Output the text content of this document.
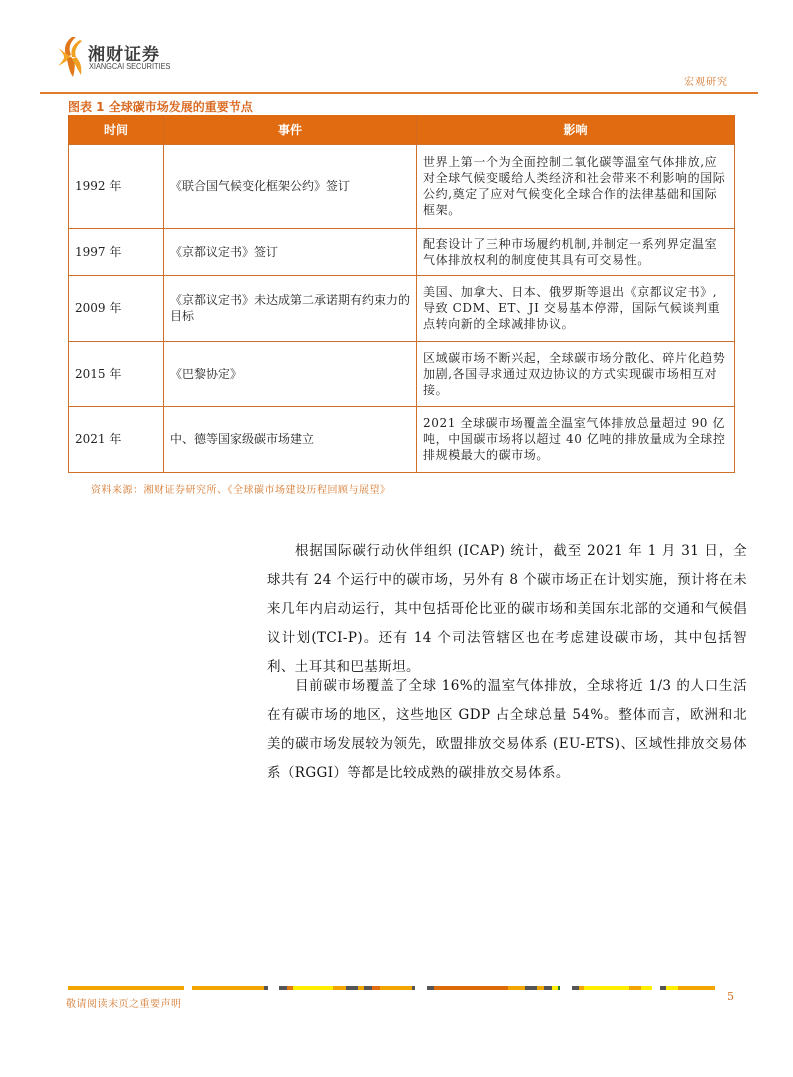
湘财证券
XIANGCAI SECURITIES
宏观研究
图表 1 全球碳市场发展的重要节点
时间	事件	影响
1992 年	《联合国气候变化框架公约》签订	世界上第一个为全面控制二氧化碳等温室气体排放,应对全球气候变暖给人类经济和社会带来不利影响的国际公约,奠定了应对气候变化全球合作的法律基础和国际框架。
1997 年	《京都议定书》签订	配套设计了三种市场履约机制,并制定一系列界定温室气体排放权利的制度使其具有可交易性。
2009 年	《京都议定书》未达成第二承诺期有约束力的目标	美国、加拿大、日本、俄罗斯等退出《京都议定书》,导致 CDM、ET、JI 交易基本停滞，国际气候谈判重点转向新的全球减排协议。
2015 年	《巴黎协定》	区域碳市场不断兴起，全球碳市场分散化、碎片化趋势加剧,各国寻求通过双边协议的方式实现碳市场相互对接。
2021 年	中、德等国家级碳市场建立	2021 全球碳市场覆盖全温室气体排放总量超过 90 亿吨，中国碳市场将以超过 40 亿吨的排放量成为全球控排规模最大的碳市场。
资料来源：湘财证券研究所、《全球碳市场建设历程回顾与展望》

根据国际碳行动伙伴组织 (ICAP) 统计，截至 2021 年 1 月 31 日，全球共有 24 个运行中的碳市场，另外有 8 个碳市场正在计划实施，预计将在未来几年内启动运行，其中包括哥伦比亚的碳市场和美国东北部的交通和气候倡议计划(TCI-P)。还有 14 个司法管辖区也在考虑建设碳市场，其中包括智利、土耳其和巴基斯坦。

目前碳市场覆盖了全球 16%的温室气体排放，全球将近 1/3 的人口生活在有碳市场的地区，这些地区 GDP 占全球总量 54%。整体而言，欧洲和北美的碳市场发展较为领先，欧盟排放交易体系 (EU-ETS)、区域性排放交易体系（RGGI）等都是比较成熟的碳排放交易体系。

敬请阅读末页之重要声明
5
